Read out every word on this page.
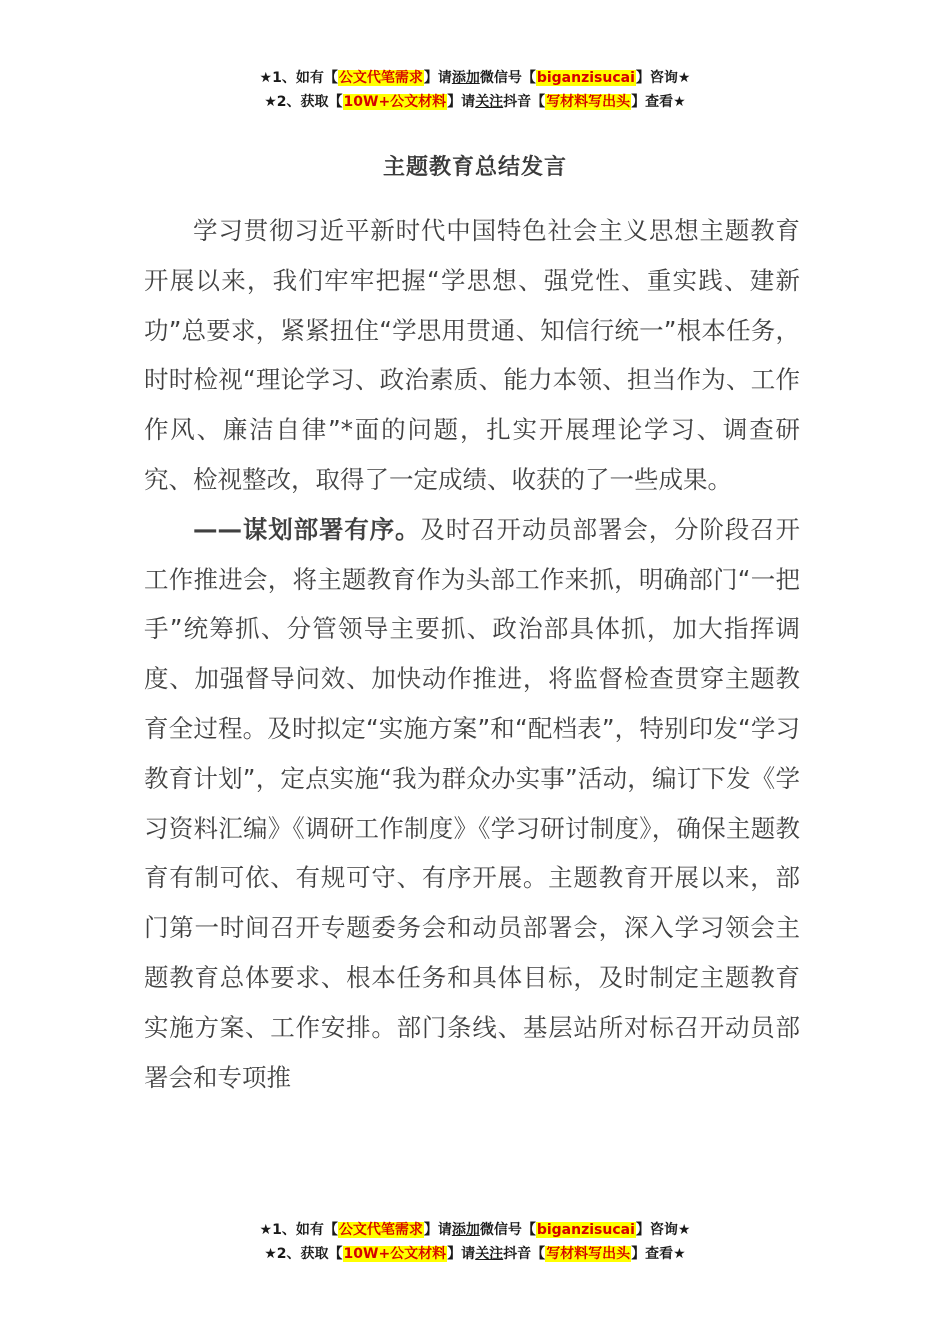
★1、如有【公文代笔需求】请添加微信号【biganzisucai】咨询★
★2、获取【10W+公文材料】请关注抖音【写材料写出头】查看★
主题教育总结发言

学习贯彻习近平新时代中国特色社会主义思想主题教育开展以来，我们牢牢把握“学思想、强党性、重实践、建新功”总要求，紧紧扭住“学思用贯通、知信行统一”根本任务，时时检视“理论学习、政治素质、能力本领、担当作为、工作作风、廉洁自律”*面的问题，扎实开展理论学习、调查研究、检视整改，取得了一定成绩、收获的了一些成果。

——谋划部署有序。及时召开动员部署会，分阶段召开工作推进会，将主题教育作为头部工作来抓，明确部门“一把手”统筹抓、分管领导主要抓、政治部具体抓，加大指挥调度、加强督导问效、加快动作推进，将监督检查贯穿主题教育全过程。及时拟定“实施方案”和“配档表”，特别印发“学习教育计划”，定点实施“我为群众办实事”活动，编订下发《学习资料汇编》《调研工作制度》《学习研讨制度》，确保主题教育有制可依、有规可守、有序开展。主题教育开展以来，部门第一时间召开专题委务会和动员部署会，深入学习领会主题教育总体要求、根本任务和具体目标，及时制定主题教育实施方案、工作安排。部门条线、基层站所对标召开动员部署会和专项推

★1、如有【公文代笔需求】请添加微信号【biganzisucai】咨询★
★2、获取【10W+公文材料】请关注抖音【写材料写出头】查看★
